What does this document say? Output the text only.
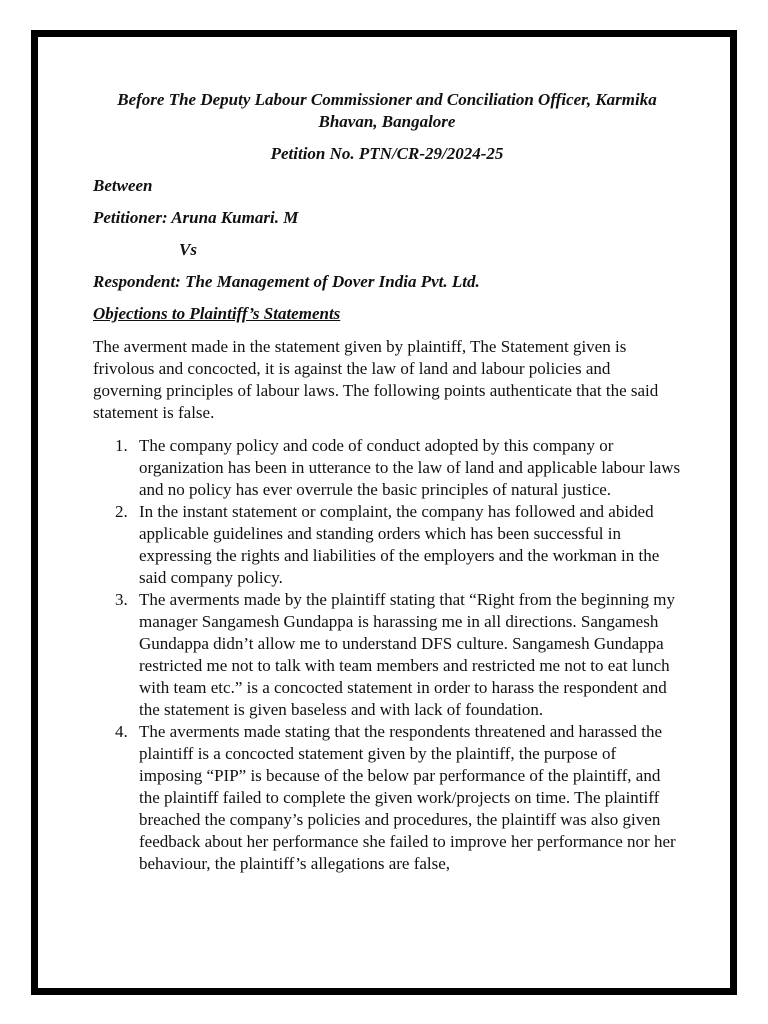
Before The Deputy Labour Commissioner and Conciliation Officer, Karmika Bhavan, Bangalore

Petition No. PTN/CR-29/2024-25

Between

Petitioner: Aruna Kumari. M

Vs

Respondent: The Management of Dover India Pvt. Ltd.

Objections to Plaintiff’s Statements

The averment made in the statement given by plaintiff, The Statement given is frivolous and concocted, it is against the law of land and labour policies and governing principles of labour laws. The following points authenticate that the said statement is false.

1. The company policy and code of conduct adopted by this company or organization has been in utterance to the law of land and applicable labour laws and no policy has ever overrule the basic principles of natural justice.
2. In the instant statement or complaint, the company has followed and abided applicable guidelines and standing orders which has been successful in expressing the rights and liabilities of the employers and the workman in the said company policy.
3. The averments made by the plaintiff stating that “Right from the beginning my manager Sangamesh Gundappa is harassing me in all directions. Sangamesh Gundappa didn’t allow me to understand DFS culture. Sangamesh Gundappa restricted me not to talk with team members and restricted me not to eat lunch with team etc.” is a concocted statement in order to harass the respondent and the statement is given baseless and with lack of foundation.
4. The averments made stating that the respondents threatened and harassed the plaintiff is a concocted statement given by the plaintiff, the purpose of imposing “PIP” is because of the below par performance of the plaintiff, and the plaintiff failed to complete the given work/projects on time. The plaintiff breached the company’s policies and procedures, the plaintiff was also given feedback about her performance she failed to improve her performance nor her behaviour, the plaintiff’s allegations are false,
